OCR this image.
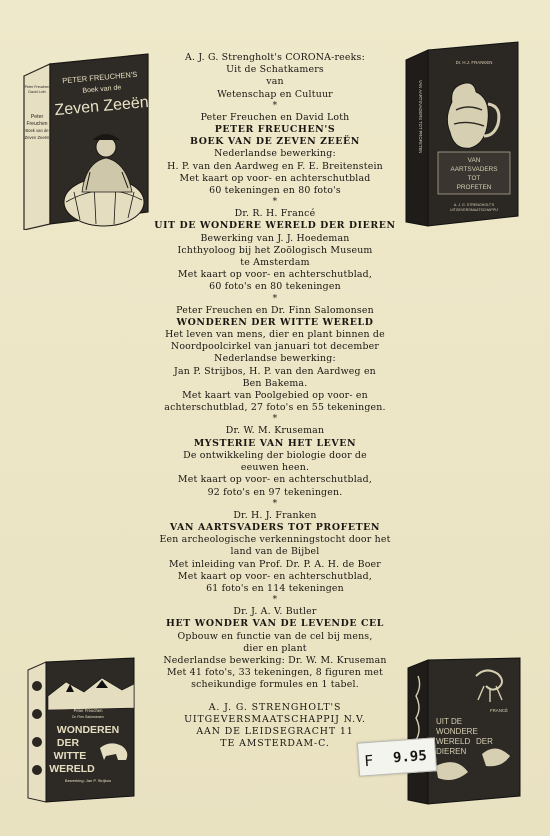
A. J. G. Strengholt's CORONA-reeks:
Uit de Schatkamers
van
Wetenschap en Cultuur
*
Peter Freuchen en David Loth
PETER FREUCHEN'S
BOEK VAN DE ZEVEN ZEEËN
Nederlandse bewerking:
H. P. van den Aardweg en F. E. Breitenstein
Met kaart op voor- en achterschutblad
60 tekeningen en 80 foto's
*
Dr. R. H. Francé
UIT DE WONDERE WERELD DER DIEREN
Bewerking van J. J. Hoedeman
Ichthyoloog bij het Zoölogisch Museum
te Amsterdam
Met kaart op voor- en achterschutblad,
60 foto's en 80 tekeningen
*
Peter Freuchen en Dr. Finn Salomonsen
WONDEREN DER WITTE WERELD
Het leven van mens, dier en plant binnen de
Noordpoolcirkel van januari tot december
Nederlandse bewerking:
Jan P. Strijbos, H. P. van den Aardweg en
Ben Bakema.
Met kaart van Poolgebied op voor- en
achterschutblad, 27 foto's en 55 tekeningen.
*
Dr. W. M. Kruseman
MYSTERIE VAN HET LEVEN
De ontwikkeling der biologie door de
eeuwen heen.
Met kaart op voor- en achterschutblad,
92 foto's en 97 tekeningen.
*
Dr. H. J. Franken
VAN AARTSVADERS TOT PROFETEN
Een archeologische verkenningstocht door het
land van de Bijbel
Met inleiding van Prof. Dr. P. A. H. de Boer
Met kaart op voor- en achterschutblad,
61 foto's en 114 tekeningen
*
Dr. J. A. V. Butler
HET WONDER VAN DE LEVENDE CEL
Opbouw en functie van de cel bij mens,
dier en plant
Nederlandse bewerking: Dr. W. M. Kruseman
Met 41 foto's, 33 tekeningen, 8 figuren met
scheikundige formules en 1 tabel.
A. J. G. STRENGHOLT'S
UITGEVERSMAATSCHAPPIJ N.V.
AAN DE LEIDSEGRACHT 11
TE AMSTERDAM-C.
PETER FREUCHEN'S
Boek van de
Zeven Zeeën
Peter Freuchen
David Loth
Peter
Freuchen
Boek van de
Zeven Zeeën
Dr. H.J. FRANKEN
VAN
AARTSVADERS
TOT
PROFETEN
A. J. G. STRENGHOLT'S
UITGEVERSMAATSCHAPPIJ
VAN AARTSVADERS TOT PROFETEN
Peter Freuchen
Dr. Finn Salomonsen
WONDEREN
DER
WITTE
WERELD
Bewerking: Jan P. Strijbos
FRANCÉ
UIT DE
WONDERE
WERELD DER
DIEREN
F 9.95
